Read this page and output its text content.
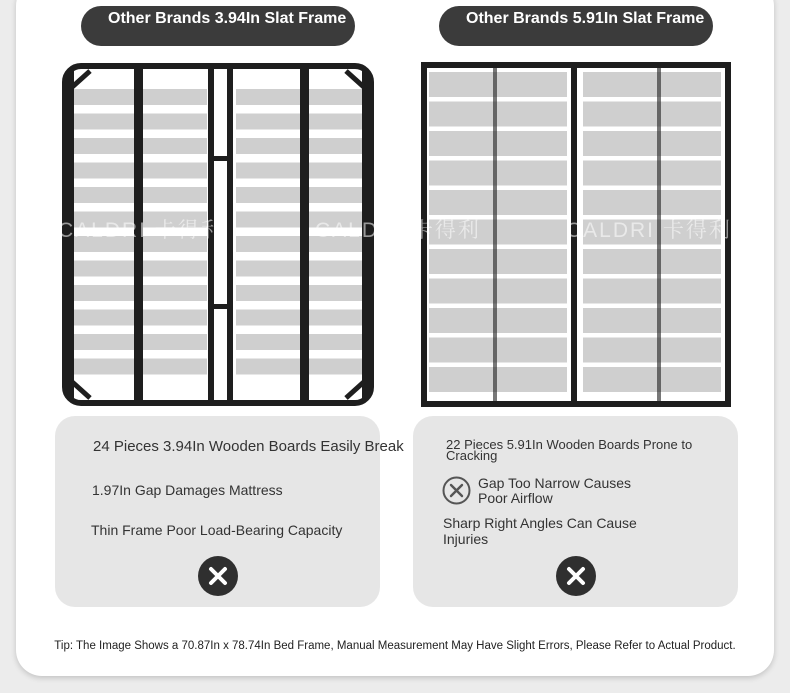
Other Brands 3.94In Slat Frame	Other Brands 5.91In Slat Frame
CALDRI 卡得利	CALDRI 卡得利	CALDRI 卡得利
24 Pieces 3.94In Wooden Boards Easily Break
1.97In Gap Damages Mattress
Thin Frame Poor Load-Bearing Capacity
22 Pieces 5.91In Wooden Boards Prone to Cracking
Gap Too Narrow Causes Poor Airflow
Sharp Right Angles Can Cause Injuries
Tip: The Image Shows a 70.87In x 78.74In Bed Frame, Manual Measurement May Have Slight Errors, Please Refer to Actual Product.
